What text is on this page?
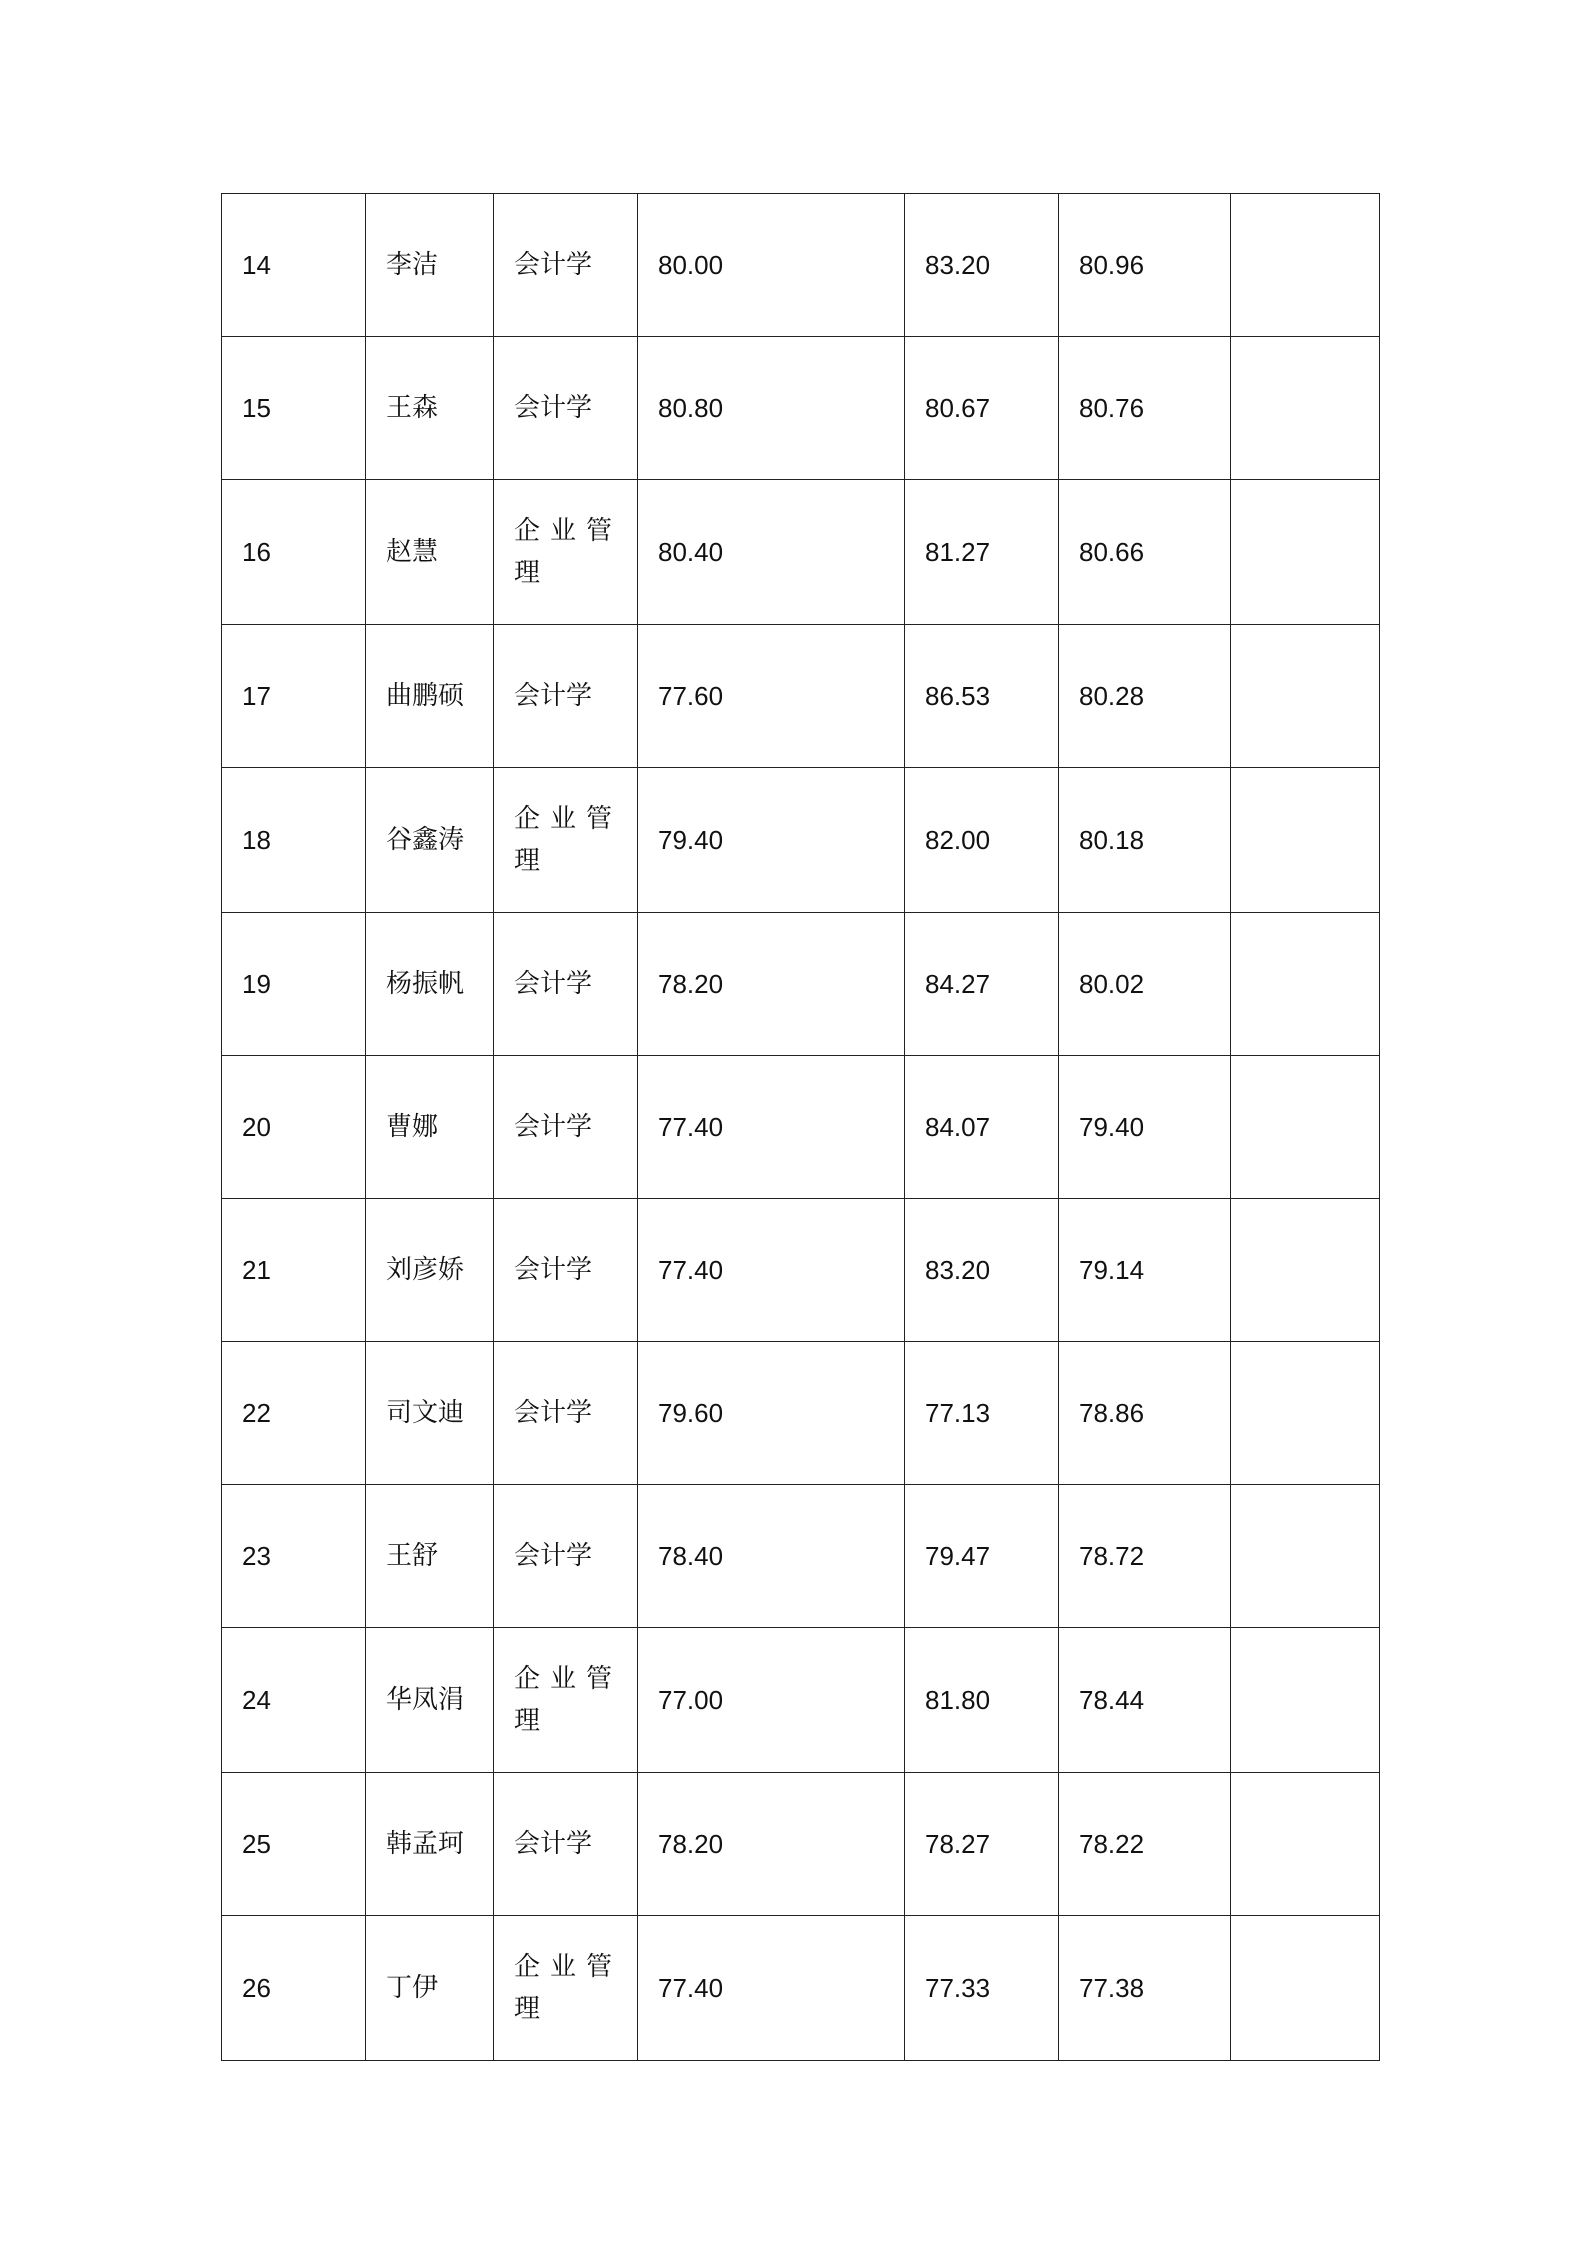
14	李洁	会计学	80.00	83.20	80.96	
15	王森	会计学	80.80	80.67	80.76	
16	赵慧	企业管理	80.40	81.27	80.66	
17	曲鹏硕	会计学	77.60	86.53	80.28	
18	谷鑫涛	企业管理	79.40	82.00	80.18	
19	杨振帆	会计学	78.20	84.27	80.02	
20	曹娜	会计学	77.40	84.07	79.40	
21	刘彦娇	会计学	77.40	83.20	79.14	
22	司文迪	会计学	79.60	77.13	78.86	
23	王舒	会计学	78.40	79.47	78.72	
24	华凤涓	企业管理	77.00	81.80	78.44	
25	韩孟珂	会计学	78.20	78.27	78.22	
26	丁伊	企业管理	77.40	77.33	77.38	
